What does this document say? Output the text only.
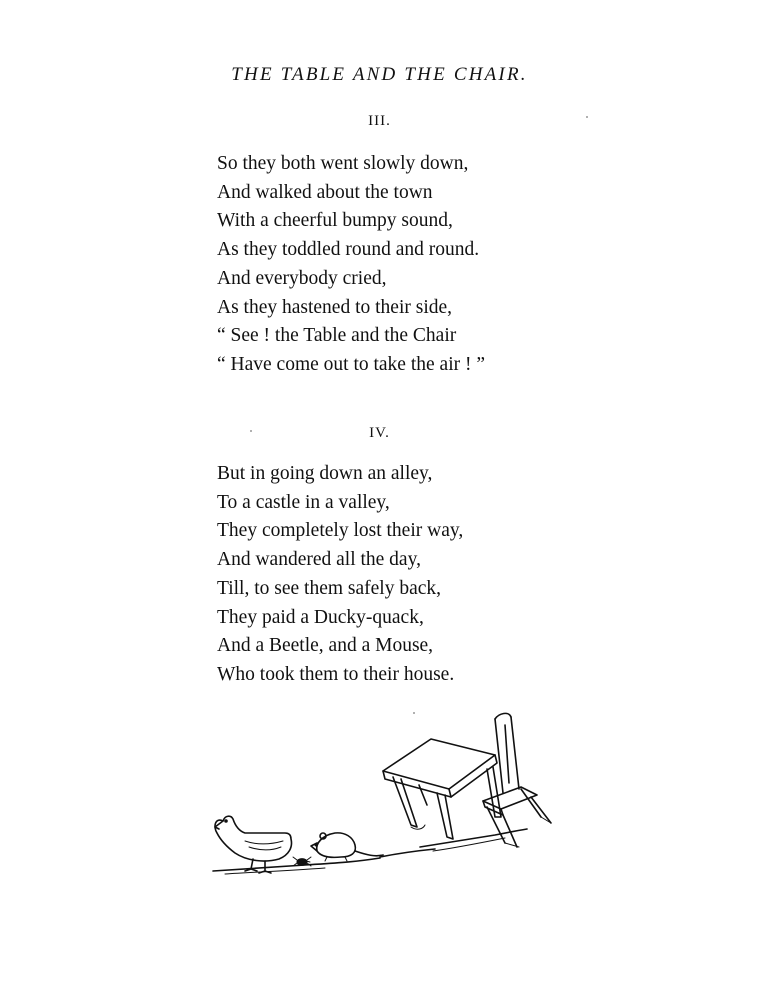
THE TABLE AND THE CHAIR.
III.
So they both went slowly down,
And walked about the town
With a cheerful bumpy sound,
As they toddled round and round.
And everybody cried,
As they hastened to their side,
“ See ! the Table and the Chair
“ Have come out to take the air ! ”
IV.
But in going down an alley,
To a castle in a valley,
They completely lost their way,
And wandered all the day,
Till, to see them safely back,
They paid a Ducky-quack,
And a Beetle, and a Mouse,
Who took them to their house.
